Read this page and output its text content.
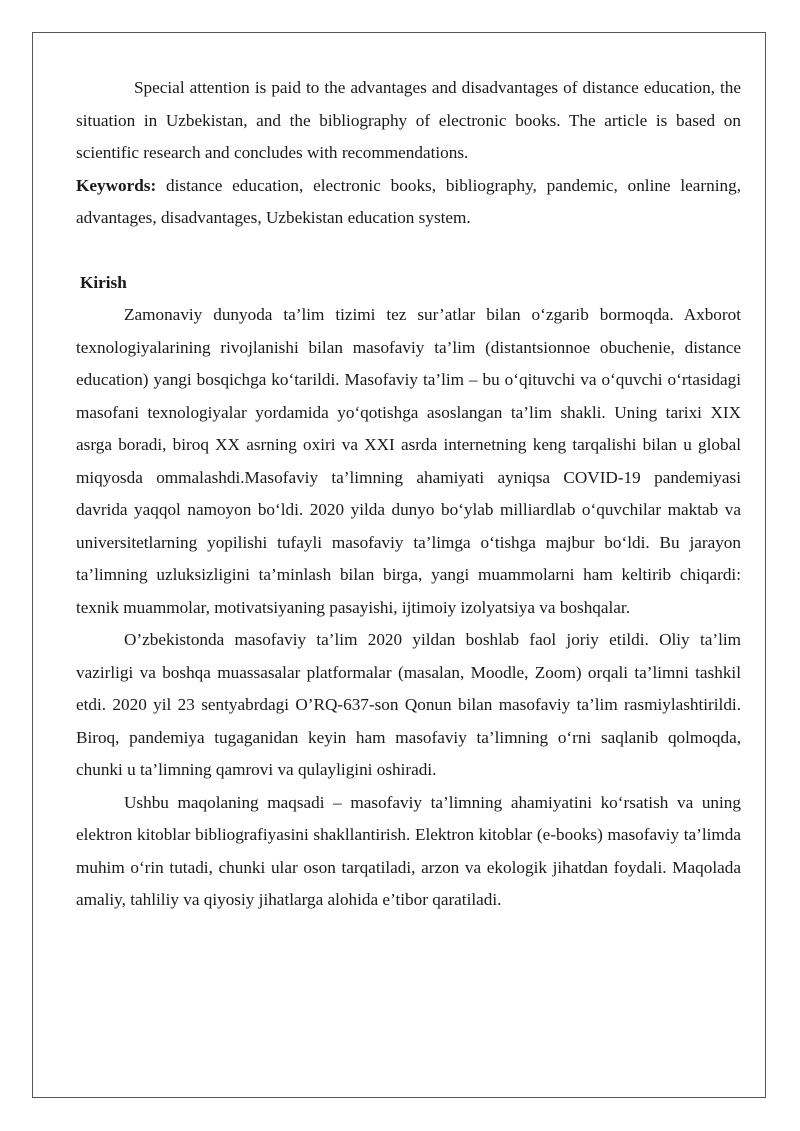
Special attention is paid to the advantages and disadvantages of distance education, the situation in Uzbekistan, and the bibliography of electronic books. The article is based on scientific research and concludes with recommendations.

Keywords: distance education, electronic books, bibliography, pandemic, online learning, advantages, disadvantages, Uzbekistan education system.

Kirish

Zamonaviy dunyoda ta’lim tizimi tez sur’atlar bilan o‘zgarib bormoqda. Axborot texnologiyalarining rivojlanishi bilan masofaviy ta’lim (distantsionnoe obuchenie, distance education) yangi bosqichga ko‘tarildi. Masofaviy ta’lim – bu o‘qituvchi va o‘quvchi o‘rtasidagi masofani texnologiyalar yordamida yo‘qotishga asoslangan ta’lim shakli. Uning tarixi XIX asrga boradi, biroq XX asrning oxiri va XXI asrda internetning keng tarqalishi bilan u global miqyosda ommalashdi.Masofaviy ta’limning ahamiyati ayniqsa COVID-19 pandemiyasi davrida yaqqol namoyon bo‘ldi. 2020 yilda dunyo bo‘ylab milliardlab o‘quvchilar maktab va universitetlarning yopilishi tufayli masofaviy ta’limga o‘tishga majbur bo‘ldi. Bu jarayon ta’limning uzluksizligini ta’minlash bilan birga, yangi muammolarni ham keltirib chiqardi: texnik muammolar, motivatsiyaning pasayishi, ijtimoiy izolyatsiya va boshqalar.

O’zbekistonda masofaviy ta’lim 2020 yildan boshlab faol joriy etildi. Oliy ta’lim vazirligi va boshqa muassasalar platformalar (masalan, Moodle, Zoom) orqali ta’limni tashkil etdi. 2020 yil 23 sentyabrdagi O’RQ-637-son Qonun bilan masofaviy ta’lim rasmiylashtirildi. Biroq, pandemiya tugaganidan keyin ham masofaviy ta’limning o‘rni saqlanib qolmoqda, chunki u ta’limning qamrovi va qulayligini oshiradi.

Ushbu maqolaning maqsadi – masofaviy ta’limning ahamiyatini ko‘rsatish va uning elektron kitoblar bibliografiyasini shakllantirish. Elektron kitoblar (e-books) masofaviy ta’limda muhim o‘rin tutadi, chunki ular oson tarqatiladi, arzon va ekologik jihatdan foydali. Maqolada amaliy, tahliliy va qiyosiy jihatlarga alohida e’tibor qaratiladi.
